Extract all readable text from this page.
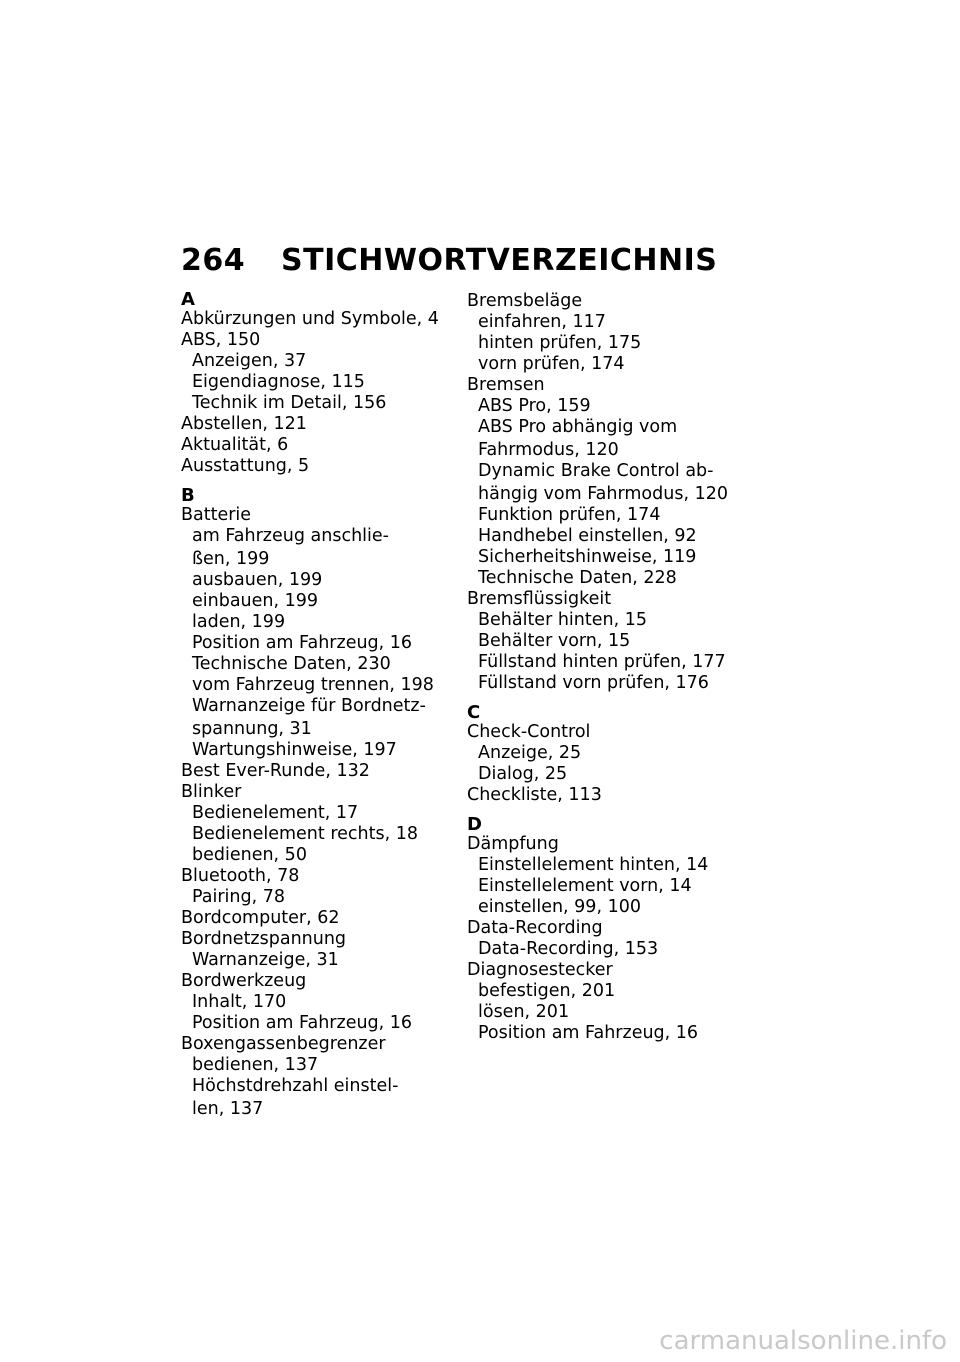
264	STICHWORTVERZEICHNIS
A
Abkürzungen und Symbole, 4
ABS, 150
Anzeigen, 37
Eigendiagnose, 115
Technik im Detail, 156
Abstellen, 121
Aktualität, 6
Ausstattung, 5
B
Batterie
am Fahrzeug anschlie-
ßen, 199
ausbauen, 199
einbauen, 199
laden, 199
Position am Fahrzeug, 16
Technische Daten, 230
vom Fahrzeug trennen, 198
Warnanzeige für Bordnetz-
spannung, 31
Wartungshinweise, 197
Best Ever-Runde, 132
Blinker
Bedienelement, 17
Bedienelement rechts, 18
bedienen, 50
Bluetooth, 78
Pairing, 78
Bordcomputer, 62
Bordnetzspannung
Warnanzeige, 31
Bordwerkzeug
Inhalt, 170
Position am Fahrzeug, 16
Boxengassenbegrenzer
bedienen, 137
Höchstdrehzahl einstel-
len, 137
Bremsbeläge
einfahren, 117
hinten prüfen, 175
vorn prüfen, 174
Bremsen
ABS Pro, 159
ABS Pro abhängig vom
Fahrmodus, 120
Dynamic Brake Control ab-
hängig vom Fahrmodus, 120
Funktion prüfen, 174
Handhebel einstellen, 92
Sicherheitshinweise, 119
Technische Daten, 228
Bremsflüssigkeit
Behälter hinten, 15
Behälter vorn, 15
Füllstand hinten prüfen, 177
Füllstand vorn prüfen, 176
C
Check-Control
Anzeige, 25
Dialog, 25
Checkliste, 113
D
Dämpfung
Einstellelement hinten, 14
Einstellelement vorn, 14
einstellen, 99, 100
Data-Recording
Data-Recording, 153
Diagnosestecker
befestigen, 201
lösen, 201
Position am Fahrzeug, 16
carmanualsonline.info
